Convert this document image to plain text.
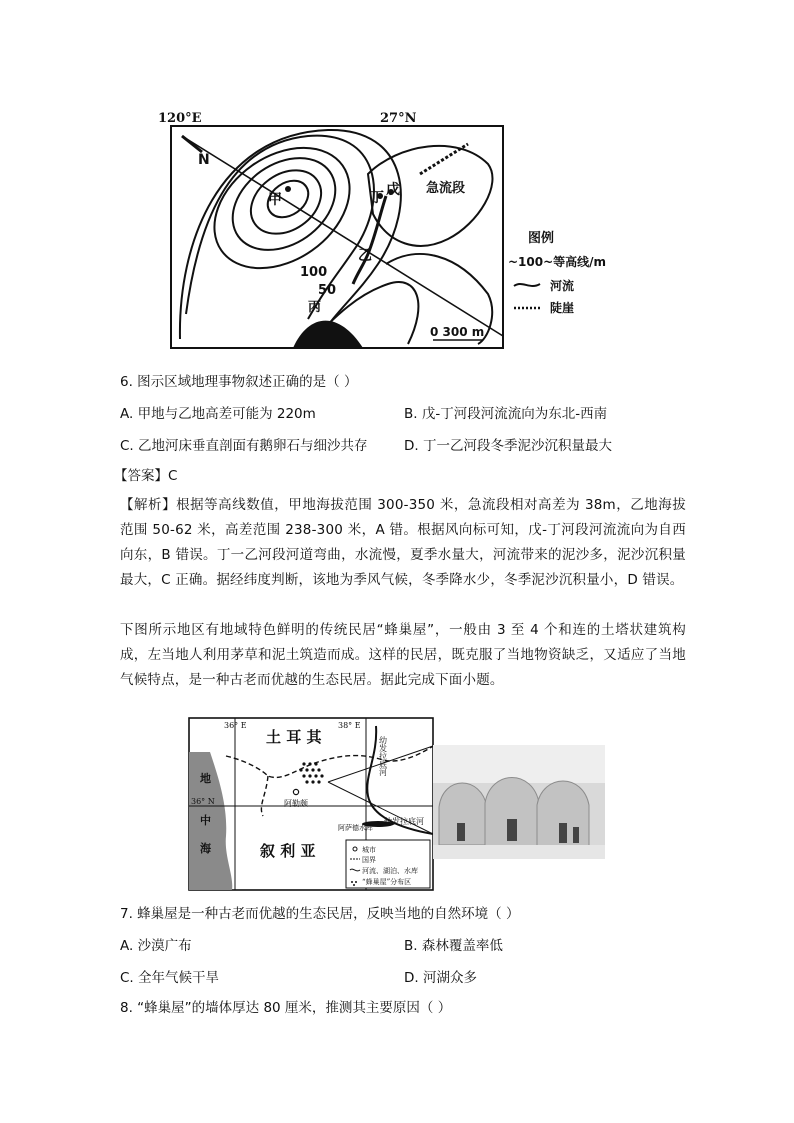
120°E	27°N
N
甲
乙
丙
丁 戊 急流段
100
50
0 300 m
图例
~100~等高线/m
河流
陡崖
6. 图示区域地理事物叙述正确的是（ ）
A. 甲地与乙地高差可能为 220m	B. 戊-丁河段河流流向为东北-西南
C. 乙地河床垂直剖面有鹅卵石与细沙共存	D. 丁一乙河段冬季泥沙沉积量最大
【答案】C
【解析】根据等高线数值，甲地海拔范围 300-350 米，急流段相对高差为 38m，乙地海拔范围 50-62 米，高差范围 238-300 米，A 错。根据风向标可知，戊-丁河段河流流向为自西向东，B 错误。丁一乙河段河道弯曲，水流慢，夏季水量大，河流带来的泥沙多，泥沙沉积量最大，C 正确。据经纬度判断，该地为季风气候，冬季降水少，冬季泥沙沉积量小，D 错误。
下图所示地区有地域特色鲜明的传统民居“蜂巢屋”，一般由 3 至 4 个和连的土塔状建筑构成，左当地人利用茅草和泥土筑造而成。这样的民居，既克服了当地物资缺乏，又适应了当地气候特点，是一种古老而优越的生态民居。据此完成下面小题。
36° E	38° E
36° N
土 耳 其
叙 利 亚
地
中
海
阿勒颇
幼发拉底河
幼发拉底河
阿萨德水库
城市
国界
河流、湖泊、水库
“蜂巢屋”分布区
7. 蜂巢屋是一种古老而优越的生态民居，反映当地的自然环境（ ）
A. 沙漠广布	B. 森林覆盖率低
C. 全年气候干旱	D. 河湖众多
8. “蜂巢屋”的墙体厚达 80 厘米，推测其主要原因（ ）
